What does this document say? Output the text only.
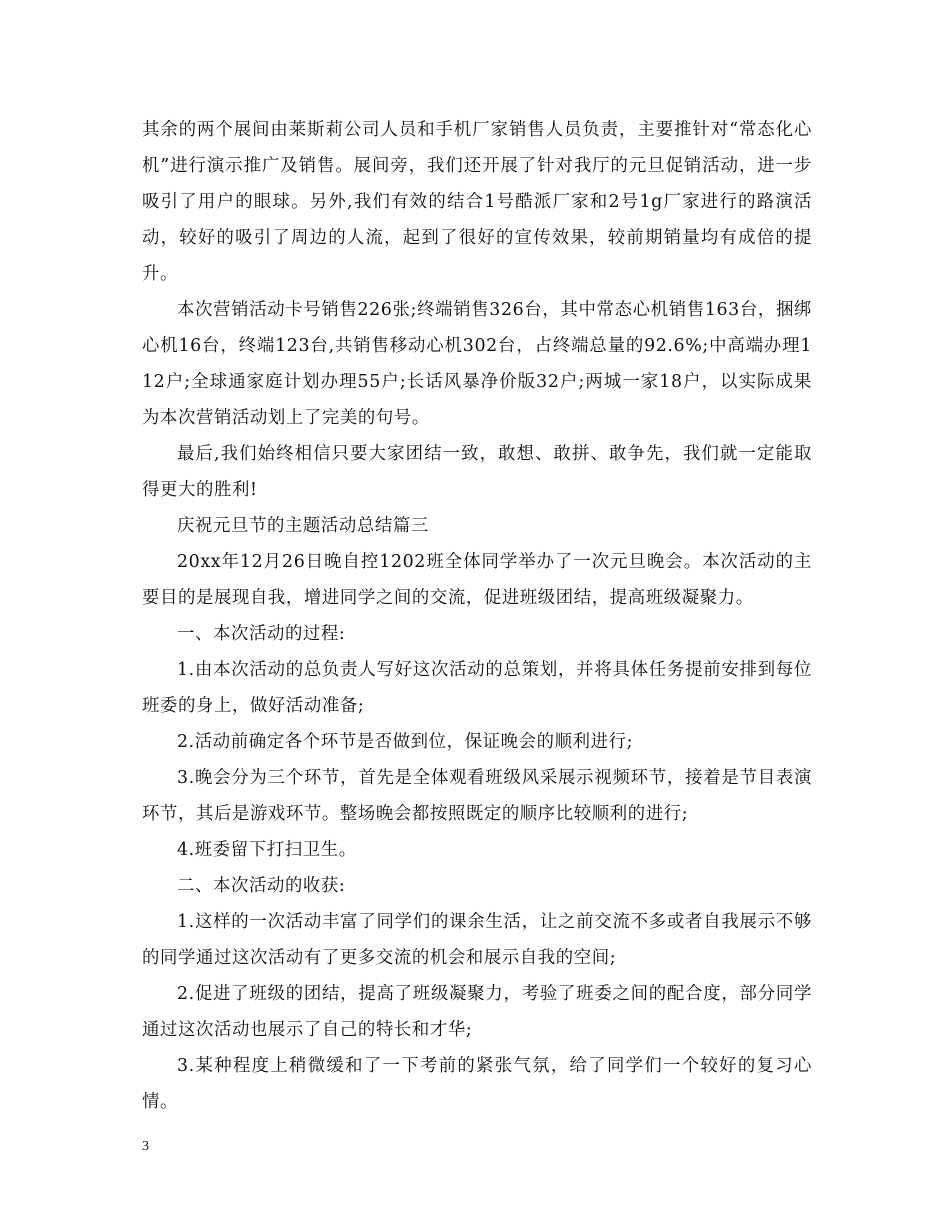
其余的两个展间由莱斯莉公司人员和手机厂家销售人员负责，主要推针对“常态化心机”进行演示推广及销售。展间旁，我们还开展了针对我厅的元旦促销活动，进一步吸引了用户的眼球。另外,我们有效的结合1号酷派厂家和2号1g厂家进行的路演活动，较好的吸引了周边的人流，起到了很好的宣传效果，较前期销量均有成倍的提升。

本次营销活动卡号销售226张;终端销售326台，其中常态心机销售163台，捆绑心机16台，终端123台,共销售移动心机302台，占终端总量的92.6%;中高端办理112户;全球通家庭计划办理55户;长话风暴净价版32户;两城一家18户，以实际成果为本次营销活动划上了完美的句号。

最后,我们始终相信只要大家团结一致，敢想、敢拼、敢争先，我们就一定能取得更大的胜利!

庆祝元旦节的主题活动总结篇三

20xx年12月26日晚自控1202班全体同学举办了一次元旦晚会。本次活动的主要目的是展现自我，增进同学之间的交流，促进班级团结，提高班级凝聚力。

一、本次活动的过程:

1.由本次活动的总负责人写好这次活动的总策划，并将具体任务提前安排到每位班委的身上，做好活动准备;

2.活动前确定各个环节是否做到位，保证晚会的顺利进行;

3.晚会分为三个环节，首先是全体观看班级风采展示视频环节，接着是节目表演环节，其后是游戏环节。整场晚会都按照既定的顺序比较顺利的进行;

4.班委留下打扫卫生。

二、本次活动的收获:

1.这样的一次活动丰富了同学们的课余生活，让之前交流不多或者自我展示不够的同学通过这次活动有了更多交流的机会和展示自我的空间;

2.促进了班级的团结，提高了班级凝聚力，考验了班委之间的配合度，部分同学通过这次活动也展示了自己的特长和才华;

3.某种程度上稍微缓和了一下考前的紧张气氛，给了同学们一个较好的复习心情。

3
